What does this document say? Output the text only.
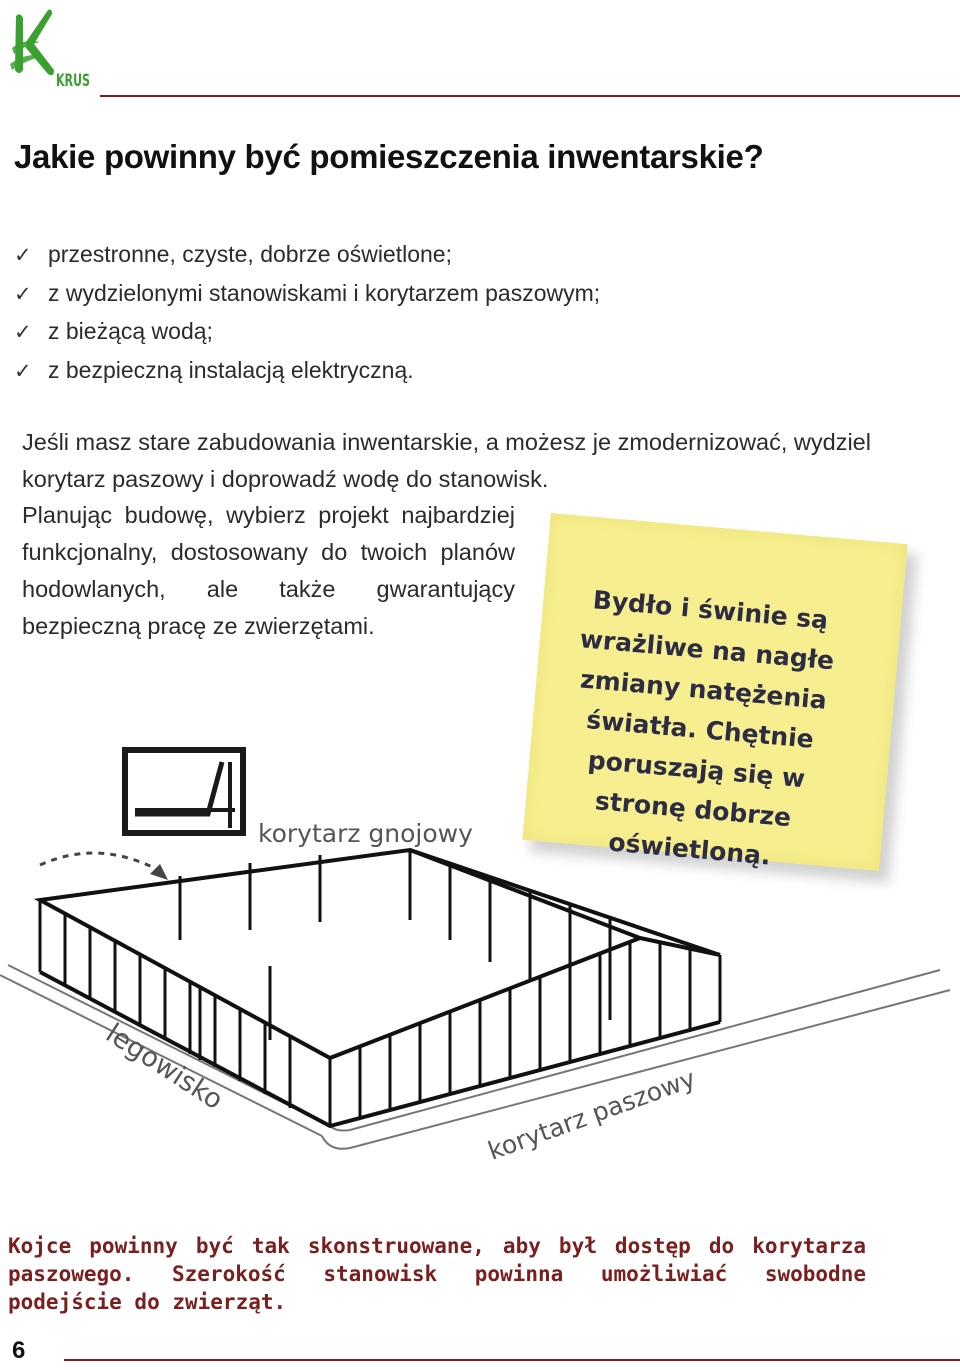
KRUS
Jakie powinny być pomieszczenia inwentarskie?
✓ przestronne, czyste, dobrze oświetlone;
✓ z wydzielonymi stanowiskami i korytarzem paszowym;
✓ z bieżącą wodą;
✓ z bezpieczną instalacją elektryczną.

Jeśli masz stare zabudowania inwentarskie, a możesz je zmodernizować, wydziel korytarz paszowy i doprowadź wodę do stanowisk.

Planując budowę, wybierz projekt najbardziej funkcjonalny, dostosowany do twoich planów hodowlanych, ale także gwarantujący bezpieczną pracę ze zwierzętami.	Bydło i świnie są wrażliwe na nagłe zmiany natężenia światła. Chętnie poruszają się w stronę dobrze oświetloną.

korytarz gnojowy
legowisko	korytarz paszowy

Kojce powinny być tak skonstruowane, aby był dostęp do korytarza paszowego. Szerokość stanowisk powinna umożliwiać swobodne podejście do zwierząt.

6
